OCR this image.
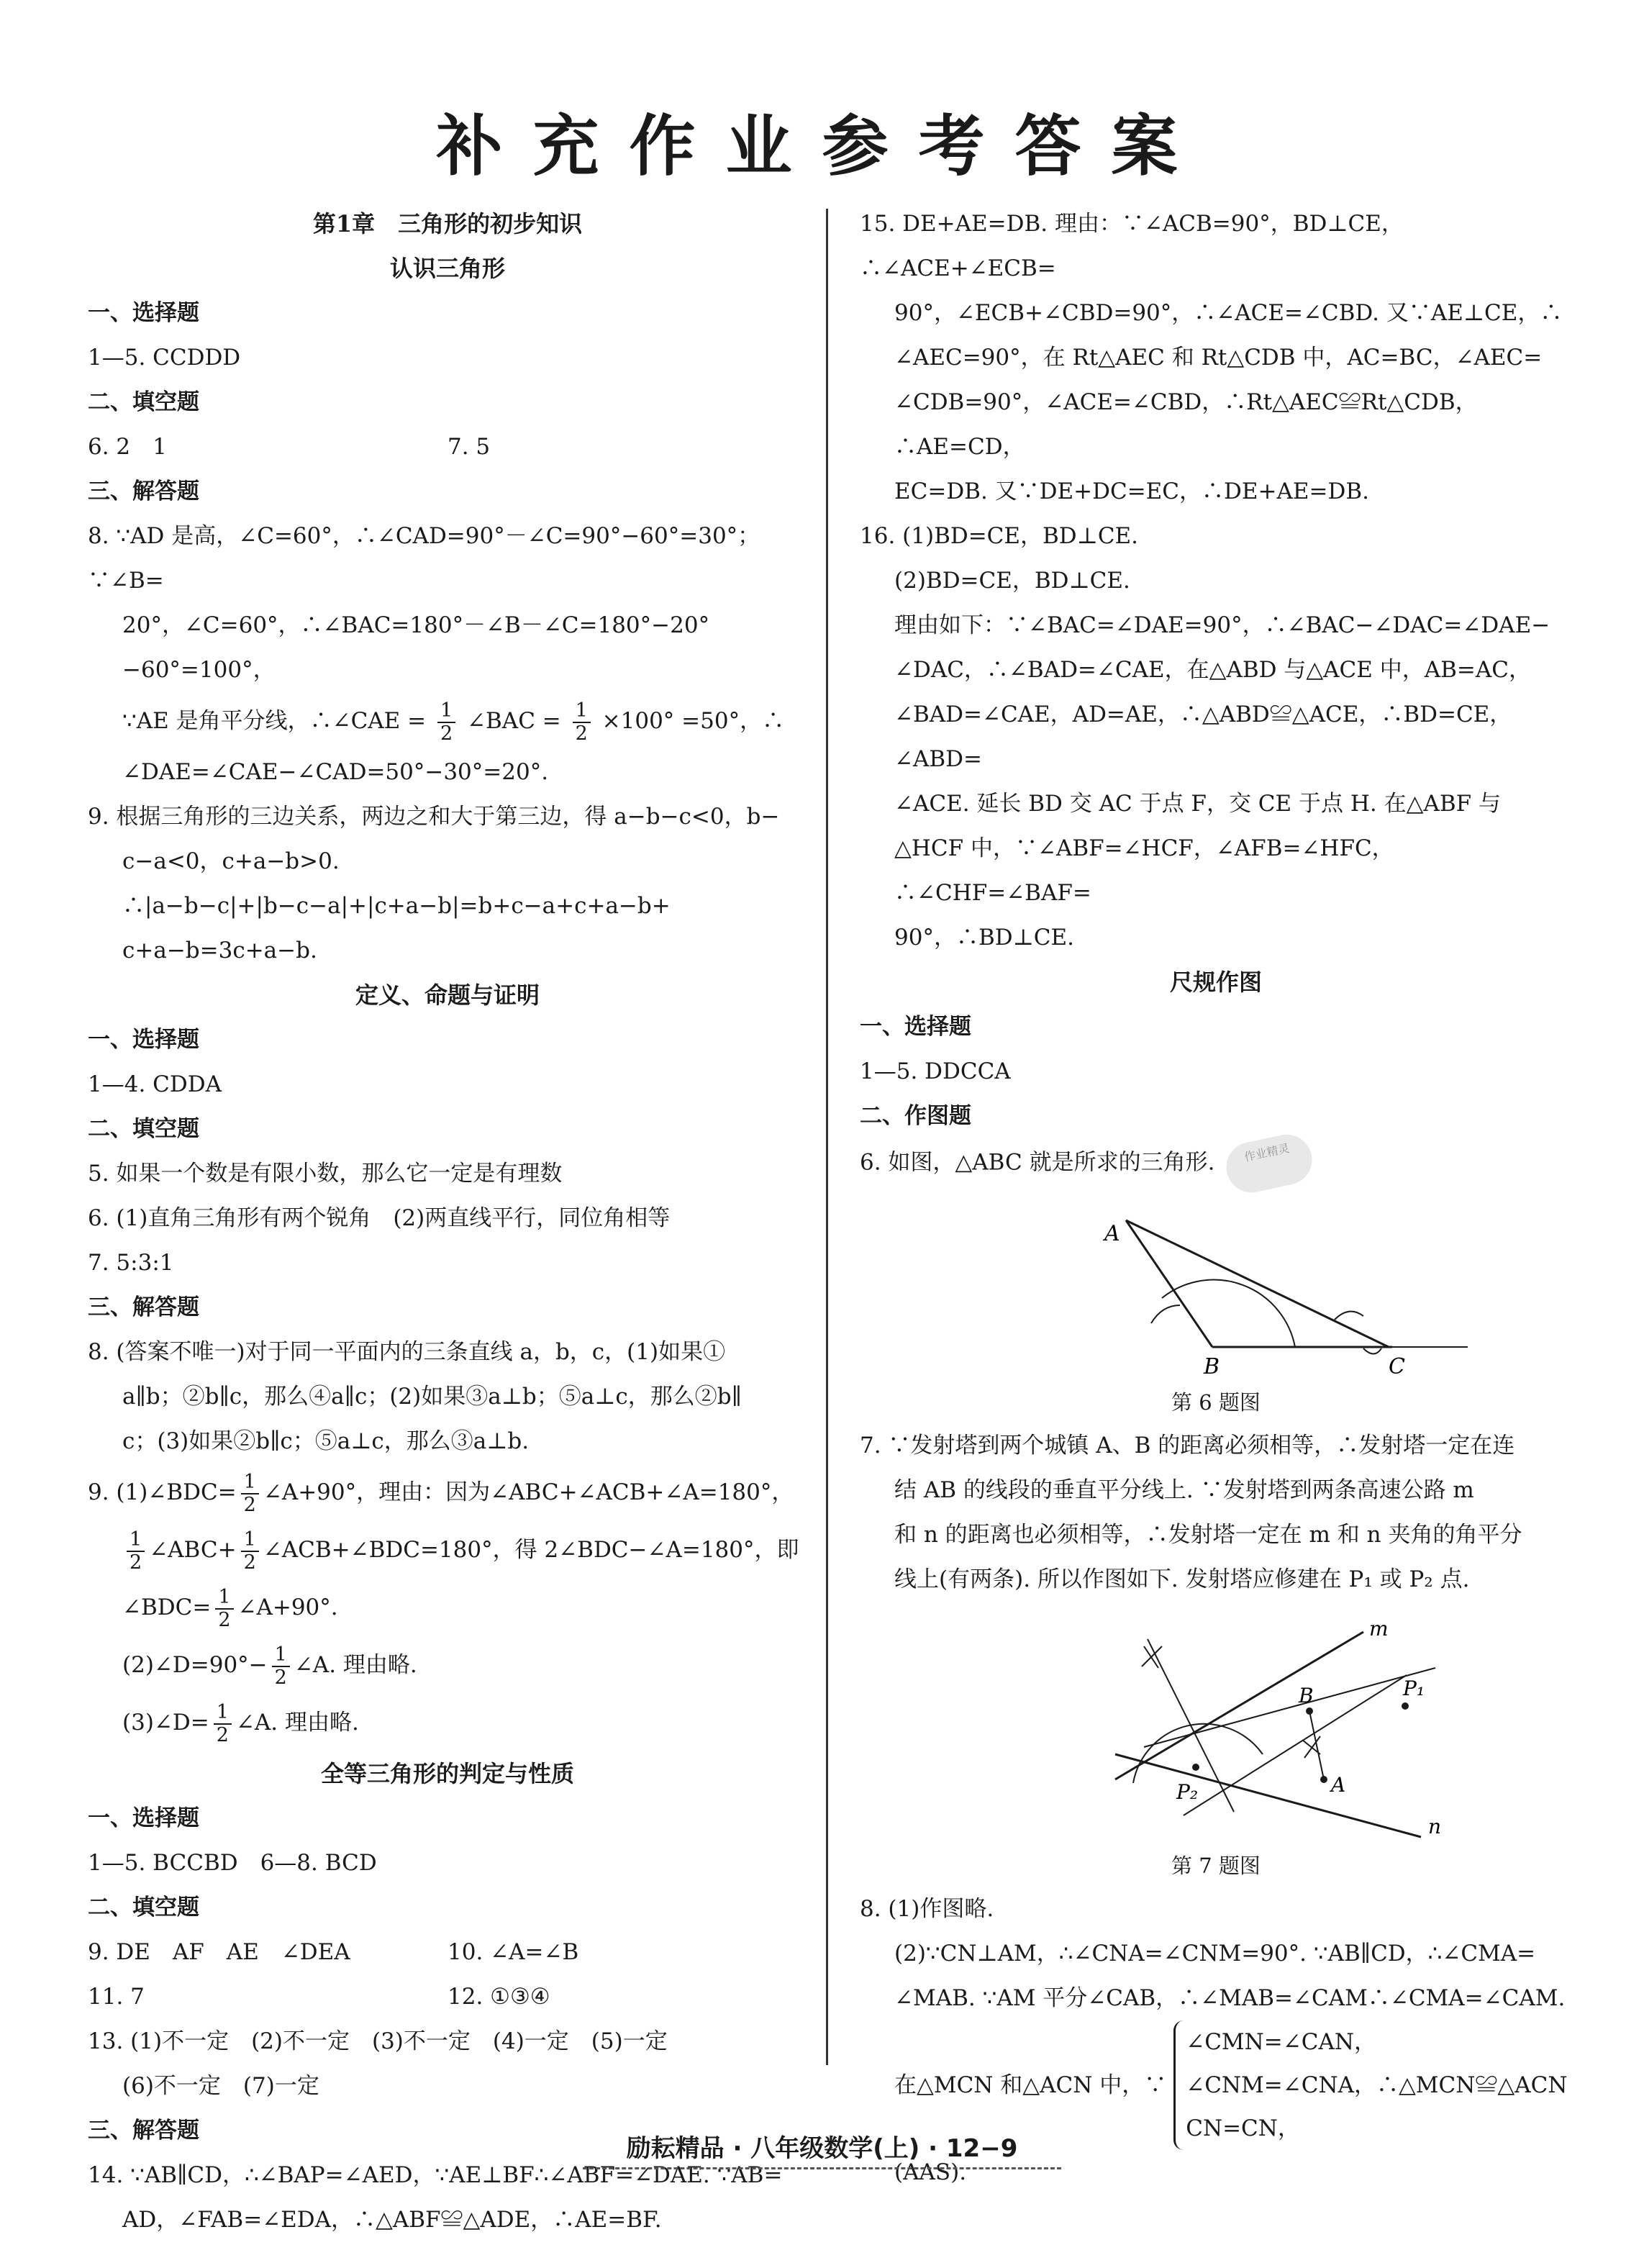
补充作业参考答案

第1章　三角形的初步知识

认识三角形

一、选择题

1—5. CCDDD

二、填空题

6. 2　1	7. 5

三、解答题

8. ∵AD 是高，∠C=60°，∴∠CAD=90°－∠C=90°−60°=30°；∵∠B=

20°，∠C=60°，∴∠BAC=180°－∠B－∠C=180°−20°−60°=100°，

∵AE 是角平分线，∴∠CAE = $\frac{1}{2}$ ∠BAC = $\frac{1}{2} \times 100^\circ =50^\circ$，∴

∠DAE=∠CAE−∠CAD=50°−30°=20°.

9. 根据三角形的三边关系，两边之和大于第三边，得 a−b−c<0，b−

c−a<0，c+a−b>0. ∴|a−b−c|+|b−c−a|+|c+a−b|=b+c−a+c+a−b+

c+a−b=3c+a−b.

定义、命题与证明

一、选择题

1—4. CDDA

二、填空题

5. 如果一个数是有限小数，那么它一定是有理数

6. (1)直角三角形有两个锐角　(2)两直线平行，同位角相等

7. 5:3:1

三、解答题

8. (答案不唯一)对于同一平面内的三条直线 a，b，c，(1)如果①

a∥b；②b∥c，那么④a∥c；(2)如果③a⊥b；⑤a⊥c，那么②b∥

c；(3)如果②b∥c；⑤a⊥c，那么③a⊥b.

9. (1)∠BDC= $\frac{1}{2}$ ∠A+90°，理由：因为∠ABC+∠ACB+∠A=180°，

$\frac{1}{2}$ ∠ABC+ $\frac{1}{2}$ ∠ACB+∠BDC=180°，得 2∠BDC−∠A=180°，即

∠BDC= $\frac{1}{2}$ ∠A+90°.

(2)∠D=90°− $\frac{1}{2}$ ∠A. 理由略.

(3)∠D= $\frac{1}{2}$ ∠A. 理由略.

全等三角形的判定与性质

一、选择题

1—5. BCCBD　6—8. BCD

二、填空题

9. DE　AF　AE　∠DEA	10. ∠A=∠B

11. 7	12. ①③④

13. (1)不一定　(2)不一定　(3)不一定　(4)一定　(5)一定

(6)不一定　(7)一定

三、解答题

14. ∵AB∥CD，∴∠BAP=∠AED，∵AE⊥BF∴∠ABF=∠DAE. ∵AB=

AD，∠FAB=∠EDA，∴△ABF≌△ADE，∴AE=BF.

15. DE+AE=DB. 理由：∵∠ACB=90°，BD⊥CE，∴∠ACE+∠ECB=

90°，∠ECB+∠CBD=90°，∴∠ACE=∠CBD. 又∵AE⊥CE，∴

∠AEC=90°，在 Rt△AEC 和 Rt△CDB 中，AC=BC，∠AEC=

∠CDB=90°，∠ACE=∠CBD，∴Rt△AEC≌Rt△CDB，∴AE=CD，

EC=DB. 又∵DE+DC=EC，∴DE+AE=DB.

16. (1)BD=CE，BD⊥CE.

(2)BD=CE，BD⊥CE.

理由如下：∵∠BAC=∠DAE=90°，∴∠BAC−∠DAC=∠DAE−

∠DAC，∴∠BAD=∠CAE，在△ABD 与△ACE 中，AB=AC，

∠BAD=∠CAE，AD=AE，∴△ABD≌△ACE，∴BD=CE，∠ABD=

∠ACE. 延长 BD 交 AC 于点 F，交 CE 于点 H. 在△ABF 与

△HCF 中，∵∠ABF=∠HCF，∠AFB=∠HFC，∴∠CHF=∠BAF=

90°，∴BD⊥CE.

尺规作图

一、选择题

1—5. DDCCA

二、作图题

6. 如图，△ABC 就是所求的三角形. 作业精灵

A
B	C

第 6 题图

7. ∵发射塔到两个城镇 A、B 的距离必须相等，∴发射塔一定在连

结 AB 的线段的垂直平分线上. ∵发射塔到两条高速公路 m

和 n 的距离也必须相等，∴发射塔一定在 m 和 n 夹角的角平分

线上(有两条). 所以作图如下. 发射塔应修建在 P₁ 或 P₂ 点.

m
n
B
A
P₁
P₂

第 7 题图

8. (1)作图略.

(2)∵CN⊥AM，∴∠CNA=∠CNM=90°. ∵AB∥CD，∴∠CMA=

∠MAB. ∵AM 平分∠CAB，∴∠MAB=∠CAM∴∠CMA=∠CAM.

在△MCN 和△ACN 中，∵
∠CMN=∠CAN，
∠CNM=∠CNA，∴△MCN≌△ACN
CN=CN，

(AAS).

励耘精品 · 八年级数学(上) · 12−9
